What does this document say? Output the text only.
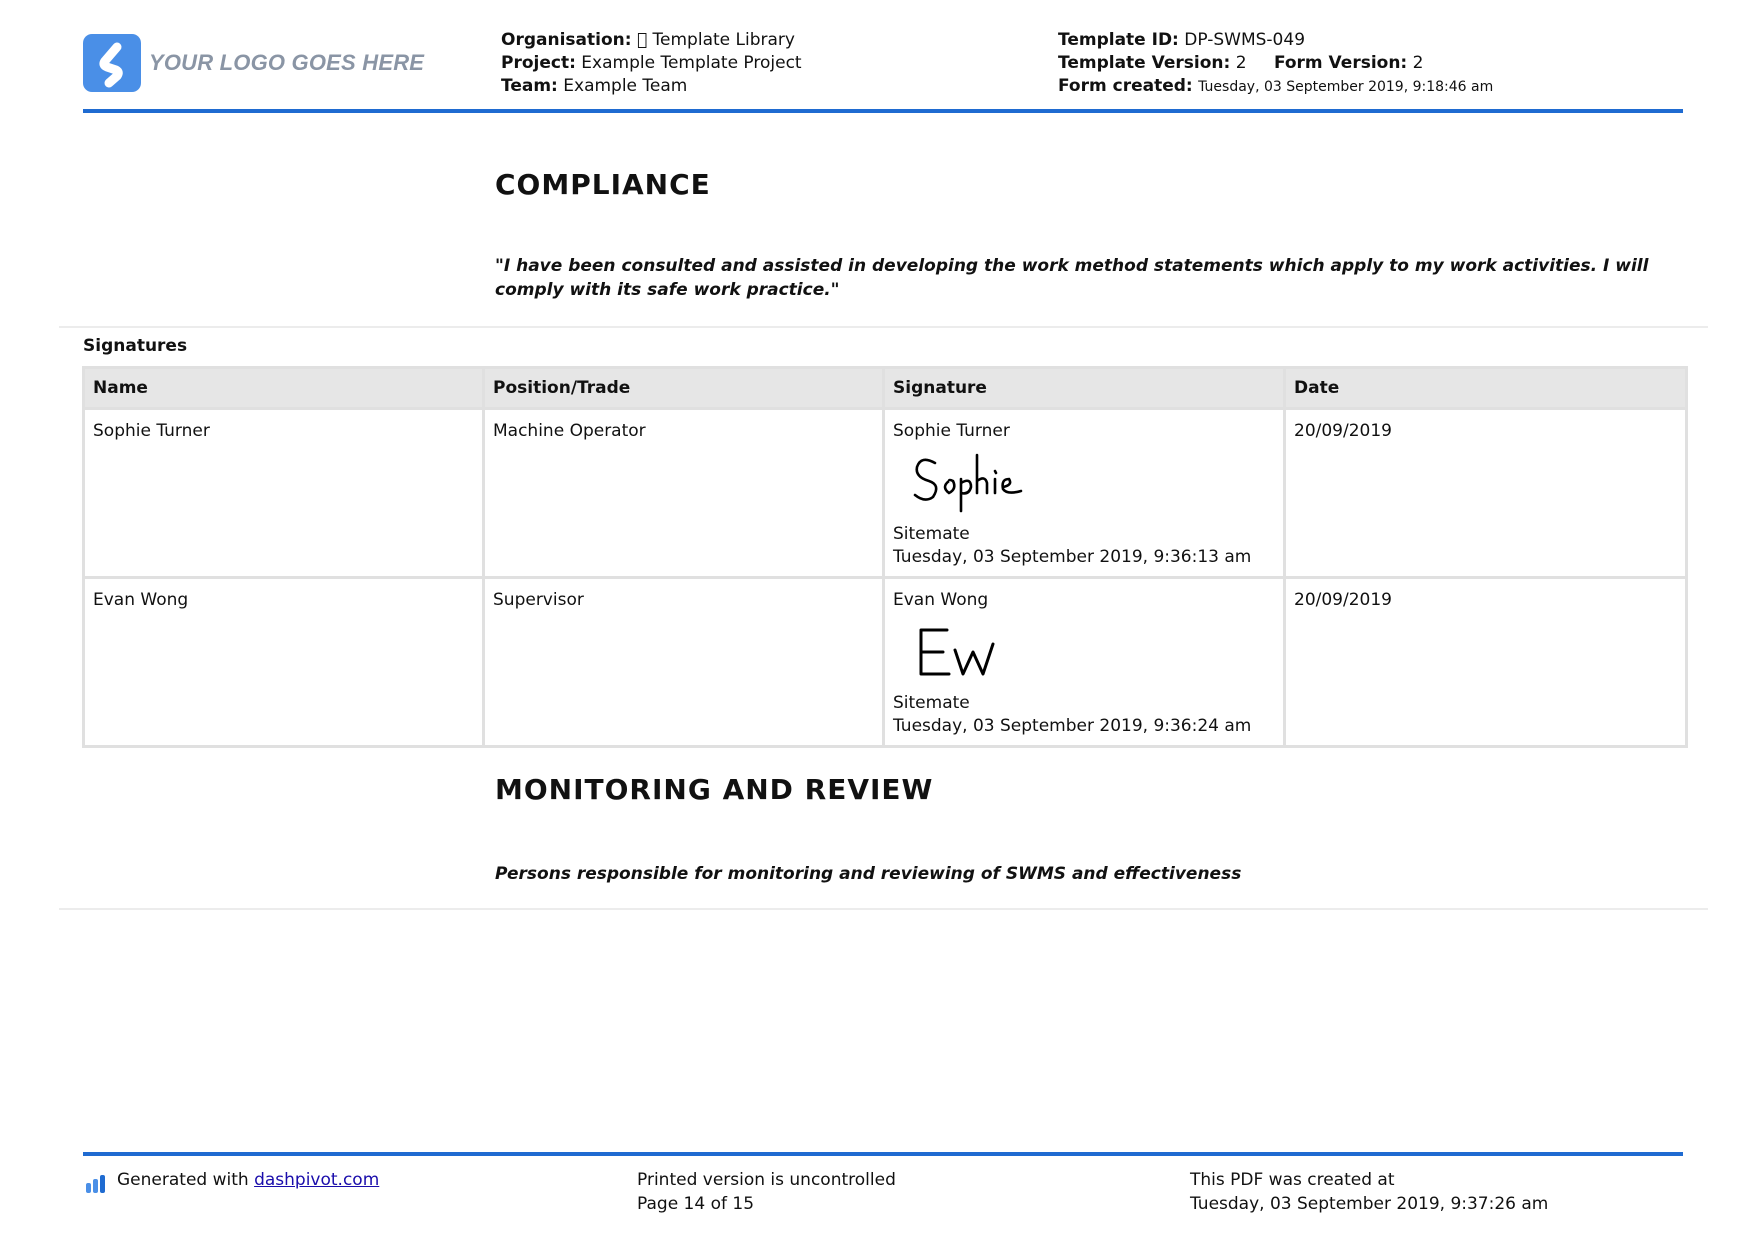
YOUR LOGO GOES HERE
Organisation: Template Library
Project: Example Template Project
Team: Example Team
Template ID: DP-SWMS-049
Template Version: 2 Form Version: 2
Form created: Tuesday, 03 September 2019, 9:18:46 am
COMPLIANCE
"I have been consulted and assisted in developing the work method statements which apply to my work activities. I will comply with its safe work practice."
Signatures
Name	Position/Trade	Signature	Date
Sophie Turner	Machine Operator	Sophie Turner
Sitemate
Tuesday, 03 September 2019, 9:36:13 am	20/09/2019
Evan Wong	Supervisor	Evan Wong
Sitemate
Tuesday, 03 September 2019, 9:36:24 am	20/09/2019
MONITORING AND REVIEW
Persons responsible for monitoring and reviewing of SWMS and effectiveness
Generated with dashpivot.com	Printed version is uncontrolled
Page 14 of 15
This PDF was created at
Tuesday, 03 September 2019, 9:37:26 am
